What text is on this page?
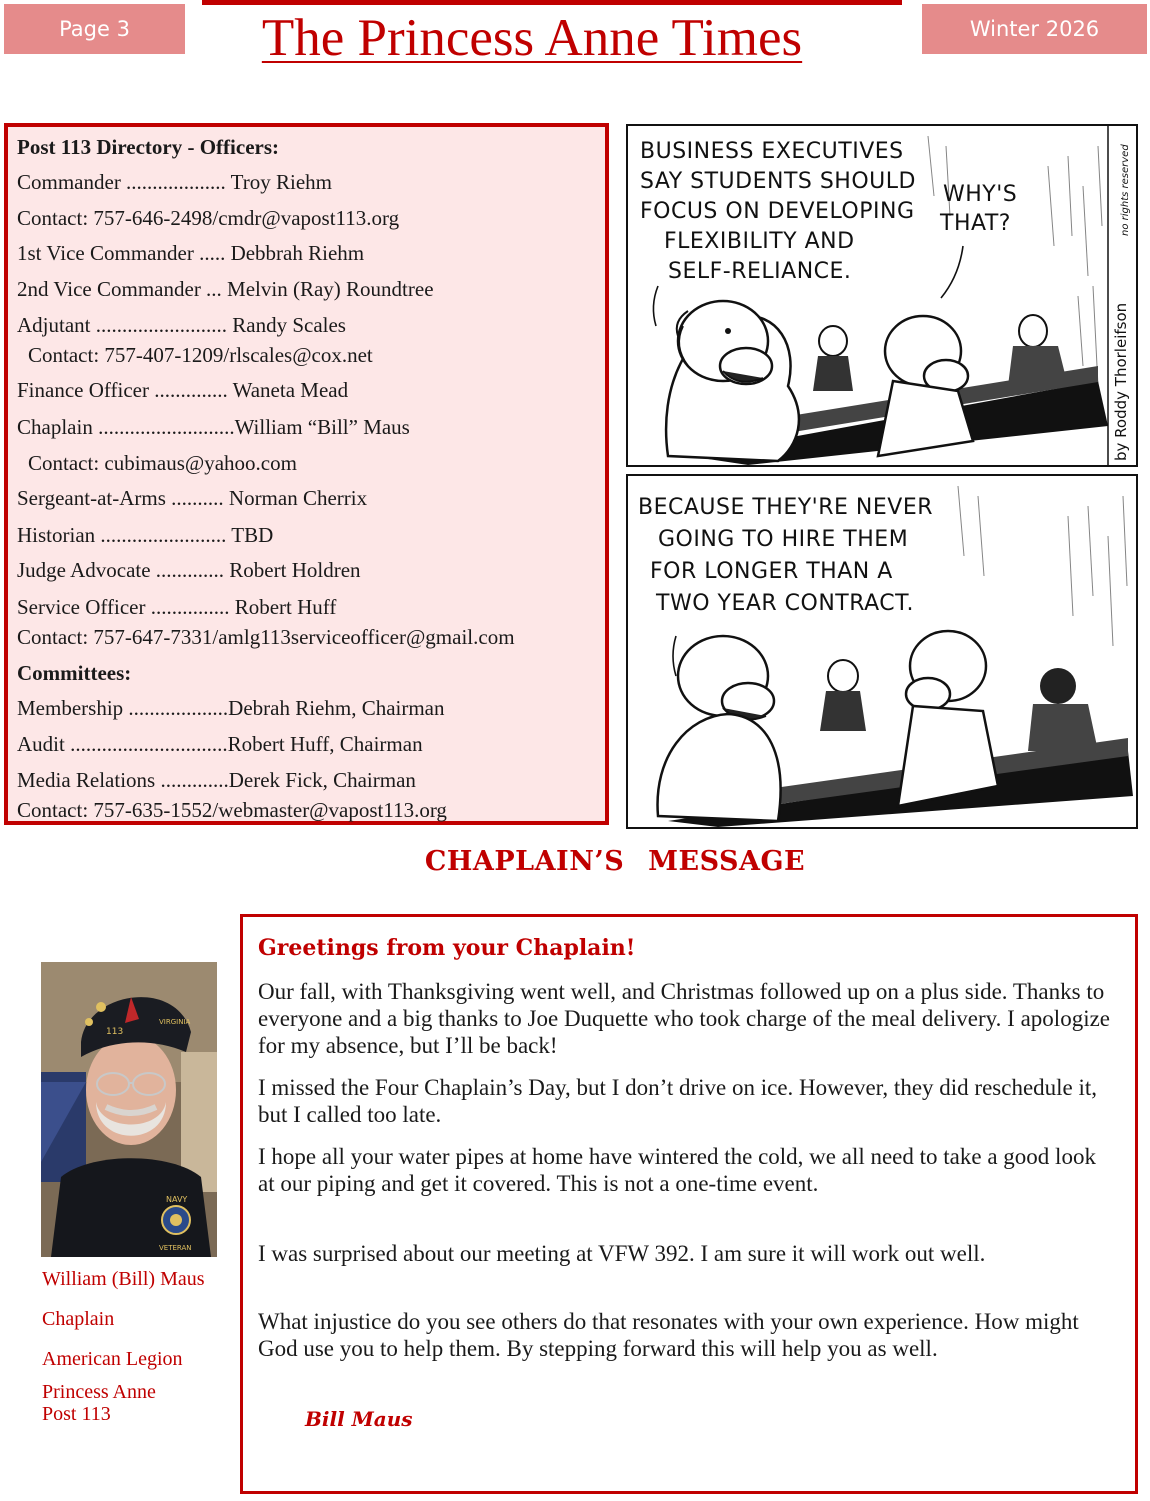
Page 3	The Princess Anne Times	Winter 2026
Post 113 Directory - Officers:
Commander ................... Troy Riehm
Contact: 757-646-2498/cmdr@vapost113.org
1st Vice Commander ..... Debbrah Riehm
2nd Vice Commander ... Melvin (Ray) Roundtree
Adjutant ......................... Randy Scales
Contact: 757-407-1209/rlscales@cox.net
Finance Officer .............. Waneta Mead
Chaplain ..........................William “Bill” Maus
Contact: cubimaus@yahoo.com
Sergeant-at-Arms .......... Norman Cherrix
Historian ........................ TBD
Judge Advocate ............. Robert Holdren
Service Officer ............... Robert Huff
Contact: 757-647-7331/amlg113serviceofficer@gmail.com
Committees:
Membership ...................Debrah Riehm, Chairman
Audit ..............................Robert Huff, Chairman
Media Relations .............Derek Fick, Chairman
Contact: 757-635-1552/webmaster@vapost113.org
BUSINESS EXECUTIVES
SAY STUDENTS SHOULD
FOCUS ON DEVELOPING
FLEXIBILITY AND
SELF-RELIANCE.
WHY'S
THAT?
by Roddy Thorleifson
no rights reserved
BECAUSE THEY'RE NEVER
GOING TO HIRE THEM
FOR LONGER THAN A
TWO YEAR CONTRACT.
CHAPLAIN’S MESSAGE
113
VIRGINIA
NAVY
VETERAN
William (Bill) Maus
Chaplain
American Legion
Princess Anne
Post 113
Greetings from your Chaplain!
Our fall, with Thanksgiving went well, and Christmas followed up on a plus side. Thanks to everyone and a big thanks to Joe Duquette who took charge of the meal delivery. I apologize for my absence, but I’ll be back!
I missed the Four Chaplain’s Day, but I don’t drive on ice. However, they did reschedule it, but I called too late.
I hope all your water pipes at home have wintered the cold, we all need to take a good look at our piping and get it covered. This is not a one-time event.
I was surprised about our meeting at VFW 392. I am sure it will work out well.
What injustice do you see others do that resonates with your own experience. How might God use you to help them. By stepping forward this will help you as well.
Bill Maus
